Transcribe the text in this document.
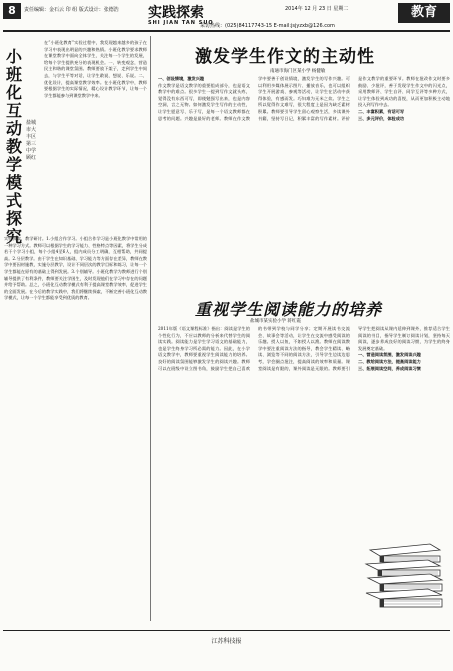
8	责任编辑：金石云 印 组 版式设计：张德浩 实践探索
SHI JIAN TAN SUO
2014年 12 月 23 日 星期二
采访热线：(025)84117743-15 E-mail:jsjyzxb@126.com
教育
小班化互动教学模式探究
盐城市大丰区第三中学 顾红
在“小班化教育”实验过程中，我发现越来越多的孩子在学习中表现出明显的兴趣和热情。小班化教学要求教师在课堂教学中面向全体学生，关注每一个学生的发展，给每个学生提供充分的表现机会。一、转变观念，营造民主和谐的课堂氛围。教师要放下架子，走到学生中间去，与学生平等对话，让学生敢说、想说、乐说。二、优化设计，提高课堂教学效率。在小班化教学中，教师要根据学生的实际情况，精心设计教学环节，让每一个学生都能参与到课堂教学中来。
实验探索，教学研讨。1.小组合作学习。小组合作学习是小班化教学中常用的一种学习方式。教师可以根据学生的学习能力、性格特点等因素，将学生分成若干个学习小组，每个小组4至6人，组内成员分工明确，互相帮助，共同提高。2.分层教学。由于学生在知识基础、学习能力等方面存在差异，教师在教学中要因材施教，实施分层教学，设计不同层次的教学目标和练习，让每一个学生都能在原有的基础上得到发展。3.个别辅导。小班化教学为教师进行个别辅导提供了有利条件，教师要关注学困生，及时发现他们在学习中存在的问题并给予帮助。总之，小班化互动教学模式有利于提高课堂教学效率，促进学生的全面发展。在今后的教学实践中，我们将继续探索，不断完善小班化互动教学模式，让每一个学生都能享受到优质的教育。
激发学生作文的主动性
南通市海门区某小学 杨健敏
一、创设情境，激发兴趣
作文教学是语文教学的重要组成部分，也是语文教学中的难点。很多学生一提到写作文就头疼，觉得没有东西可写，即使勉强写出来，也是内容空洞，言之无物。如何激发学生写作的主动性，让学生愿意写、乐于写，是每一个语文教师都在思考的问题。兴趣是最好的老师。教师在作文教学中要善于创设情境，激发学生的写作兴趣。可以利用多媒体展示图片、播放音乐，也可以组织学生开展游戏、参观等活动，让学生在活动中获得体验，有感而发。巧妇难为无米之炊。学生之所以觉得作文难写，很大程度上是因为缺乏素材积累。教师要引导学生留心观察生活，多读课外书籍，坚持写日记，积累丰富的写作素材。评价是作文教学的重要环节。教师在批改作文时要多鼓励、少批评，善于发现学生作文中的闪光点，采用教师评、学生自评、同学互评等多种方式，让学生体验到成功的喜悦，从而更加积极主动地投入到写作中去。
二、丰富积累，有话可写
三、多元评价，体验成功
重视学生阅读能力的培养
盐城市某实验小学 蒋红霞
2011年版《语文课程标准》指出：阅读是学生的个性化行为，不应以教师的分析来代替学生的阅读实践。阅读能力是学生学习语文的基础能力，也是学生终身学习所必需的能力。因此，在小学语文教学中，教师要重视学生阅读能力的培养。良好的阅读氛围能够激发学生的阅读兴趣。教师可以在班级中设立图书角，鼓励学生把自己喜欢的书带到学校与同学分享；定期开展读书交流会、故事会等活动，让学生在交流中感受阅读的乐趣。授人以鱼，不如授人以渔。教师在阅读教学中要注重阅读方法的指导，教会学生精读、略读、浏览等不同的阅读方法，引导学生边读边思考，学会圈点批注，提高阅读的效率和质量。课堂阅读是有限的，课外阅读是无限的。教师要引导学生把阅读从课内延伸到课外，推荐适合学生阅读的书目，指导学生制订阅读计划，坚持每天阅读，逐步养成良好的阅读习惯，为学生的终身发展奠定基础。
一、营造阅读氛围，激发阅读兴趣
二、教给阅读方法，提高阅读能力
三、拓展阅读空间，养成阅读习惯
江苏科技报
